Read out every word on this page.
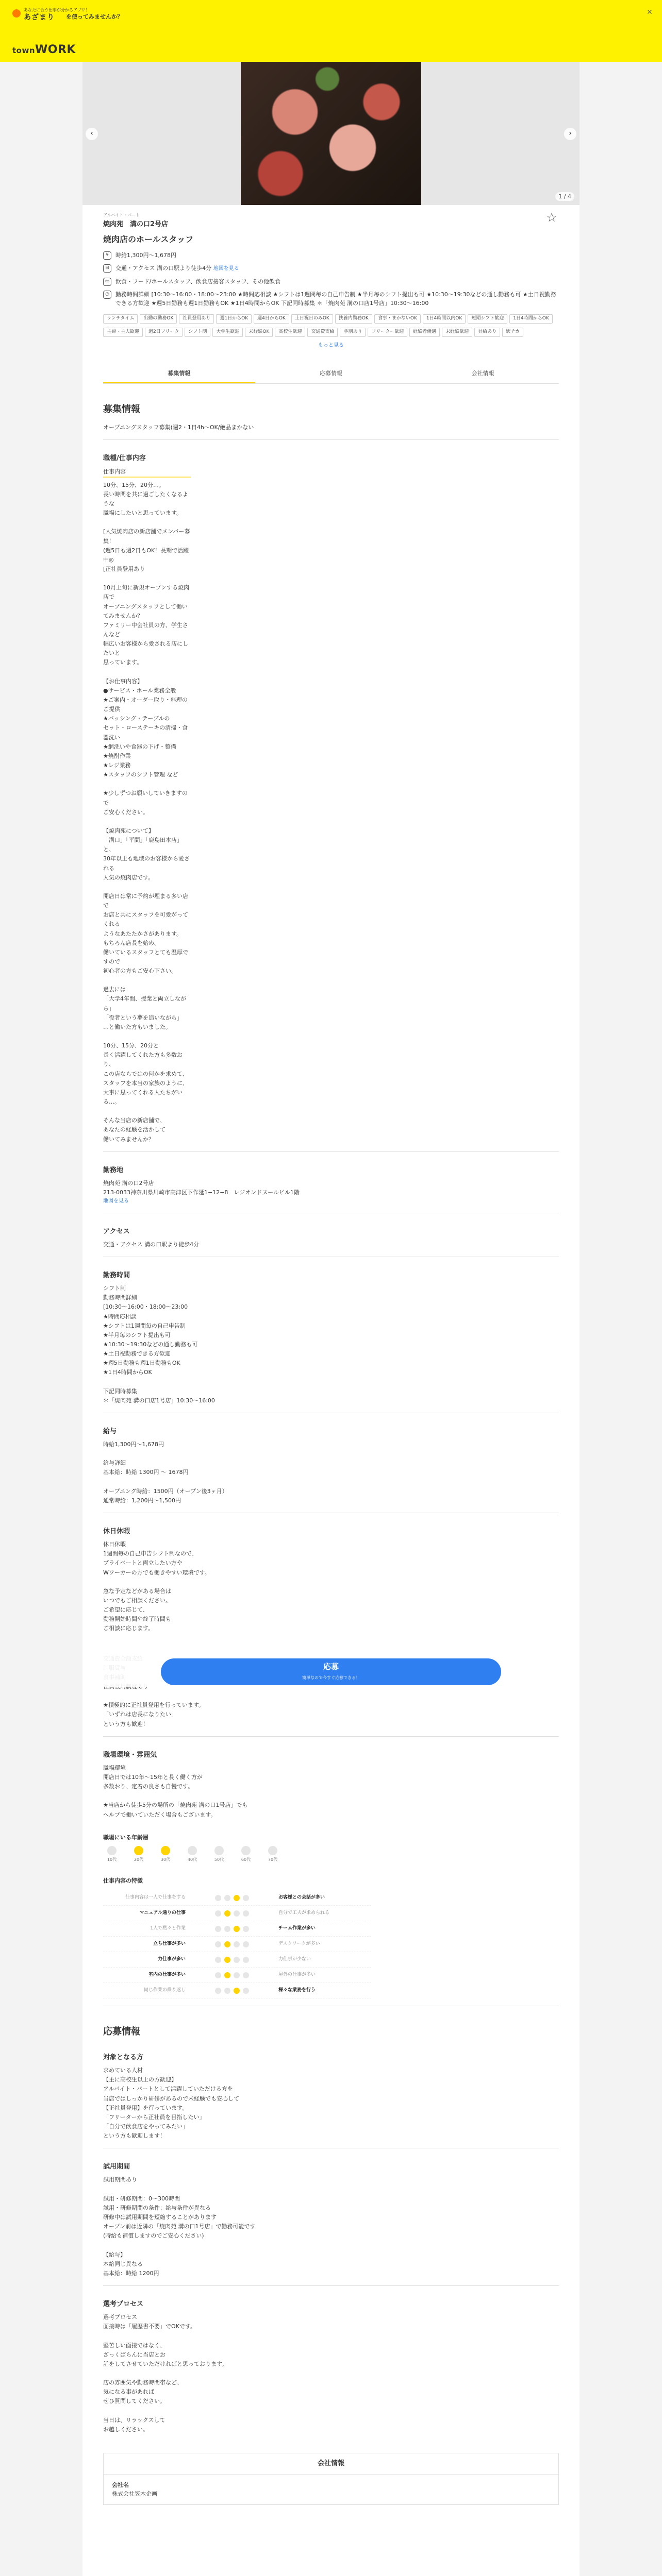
あなたに合う仕事が分かるアプリ！
あざまり を使ってみませんか？
✕
townWORK
‹	›
1 / 4
☆
アルバイト・パート
焼肉苑　溝の口2号店
焼肉店のホールスタッフ
¥	時給1,300円〜1,678円
⊟	交通・アクセス 溝の口駅より徒歩4分 地図を見る
▭	飲食・フード/ホールスタッフ、飲食店接客スタッフ、その他飲食
◷	勤務時間詳細 [10:30〜16:00・18:00〜23:00 ★時間応相談 ★シフトは1週間毎の自己申告制 ★半月毎のシフト提出も可 ★10:30〜19:30などの通し勤務も可 ★土日祝勤務できる方歓迎 ★週5日勤務も週1日勤務もOK ★1日4時間からOK 下記同時募集 ＊「焼肉苑 溝の口店1号店」10:30〜16:00
ランチタイム 出勤の勤務OK 社員登用あり 週1日からOK 週4日からOK 土日祝日のみOK 扶養内勤務OK 食事・まかないOK 1日4時間以内OK 短期シフト歓迎 1日4時間からOK主婦・主夫歓迎 週2日フリータ シフト制 大学生歓迎 未経験OK 高校生歓迎 交通費支給 学割あり フリーター歓迎 経験者優遇 未経験歓迎 昇給あり 駅チカ
もっと見る
募集情報	応募情報	会社情報
募集情報
オープニングスタッフ募集(週2・1日4h〜OK/絶品まかない
職種/仕事内容
仕事内容
10分、15分、20分…。
長い時間を共に過ごしたくなるような
職場にしたいと思っています。

[人気焼肉店の新店舗でメンバー募集！
(週5日も週2日もOK！長期で活躍中◎
[正社員登用あり

10月上旬に新規オープンする焼肉店で
オープニングスタッフとして働いてみませんか？
ファミリー中会社員の方、学生さんなど
幅広いお客様から愛される店にしたいと
思っています。

【お仕事内容】
●サービス・ホール業務全般
★ご案内・オーダー取り・料理のご提供
★バッシング・テーブルの
セット・ローステーキの清掃・食器洗い
★網洗いや食器の下げ・整備
★焼酎作業
★レジ業務
★スタッフのシフト管理 など

★少しずつお願いしていきますので
ご安心ください。

【焼肉苑について】
「溝口」「平間」「鹿島田本店」と、
30年以上も地域のお客様から愛される
人気の焼肉店です。

開店日は常に予約が埋まる多い店で
お店と共にスタッフを可愛がってくれる
ようなあたたかさがあります。
もちろん店長を始め、
働いているスタッフとても温厚ですので
初心者の方もご安心下さい。

過去には
「大学4年間、授業と両立しながら」
「役者という夢を追いながら」
…と働いた方もいました。

10分、15分、20分と
長く活躍してくれた方も多数おり、
この店ならではの何かを求めて、
スタッフを本当の家族のように、
大事に思ってくれる人たちがいる…。

そんな当店の新店舗で、
あなたの経験を活かして
働いてみませんか？
勤務地
焼肉苑 溝の口2号店
213-0033神奈川県川崎市高津区下作延1−12−8　レジオンドヌールビル1階
地図を見る
アクセス
交通・アクセス 溝の口駅より徒歩4分
勤務時間
シフト制
勤務時間詳細
[10:30〜16:00・18:00〜23:00
★時間応相談
★シフトは1週間毎の自己申告制
★半月毎のシフト提出も可
★10:30〜19:30などの通し勤務も可
★土日祝勤務できる方歓迎
★週5日勤務も週1日勤務もOK
★1日4時間からOK

下記同時募集
＊「焼肉苑 溝の口店1号店」10:30〜16:00
給与
時給1,300円〜1,678円

給与詳細
基本給：時給 1300円 〜 1678円

オープニング時給：1500円（オープン後3ヶ月）
通常時給：1,200円〜1,500円
休日休暇
休日休暇
1週間毎の自己申告シフト制なので、
プライベートと両立したい方や
Wワーカーの方でも働きやすい環境です。

急な予定などがある場合は
いつでもご相談ください。
ご希望に応じて、
勤務開始時間や終了時間も
ご相談に応じます。

★積極的に正社員登用を行っています。
「いずれは店長になりたい」
という方も歓迎！
職場環境・雰囲気
職場環境
開店日では10年〜15年と長く働く方が
多数おり、定着の良さも自慢です。

★当店から徒歩5分の場所の「焼肉苑 溝の口1号店」でも
ヘルプで働いていただく場合もございます。
職場にいる年齢層
10代	20代	30代	40代	50代	60代	70代
仕事内容の特徴
仕事内容は一人で仕事をする	お客様との会話が多い
マニュアル通りの仕事	自分で工夫が求められる
1人で黙々と作業	チーム作業が多い
立ち仕事が多い	デスクワークが多い
力仕事が多い	力仕事が少ない
室内の仕事が多い	屋外の仕事が多い
同じ作業の繰り返し	様々な業務を行う
応募情報
対象となる方
求めている人材
【主に高校生以上の方歓迎】
アルバイト・パートとして活躍していただける方を
当店ではしっかり研修があるので未経験でも安心して
【正社員登用】を行っています。
「フリーターから正社員を目指したい」
「自分で飲食店をやってみたい」
という方も歓迎します！
試用期間
試用期間あり

試用・研修期間：0〜300時間
試用・研修期間の条件：給与条件が異なる
研修中は試用期間を短縮することがあります
オープン前は近隣の「焼肉苑 溝の口1号店」で勤務可能です
(時給も補償しますのでご安心ください)

【給与】
本給同じ異なる
基本給：時給 1200円
選考プロセス
選考プロセス
面接時は「履歴書不要」でOKです。

堅苦しい面接ではなく、
ざっくばらんに当店とお
話をしてさせていただければと思っております。

店の雰囲気や勤務時間帯など、
気になる事があれば
ぜひ質問してください。

当日は、リラックスして
お越しください。
会社情報
会社名
株式会社笠木企画
応募
簡単なので今すぐ応募できる！
